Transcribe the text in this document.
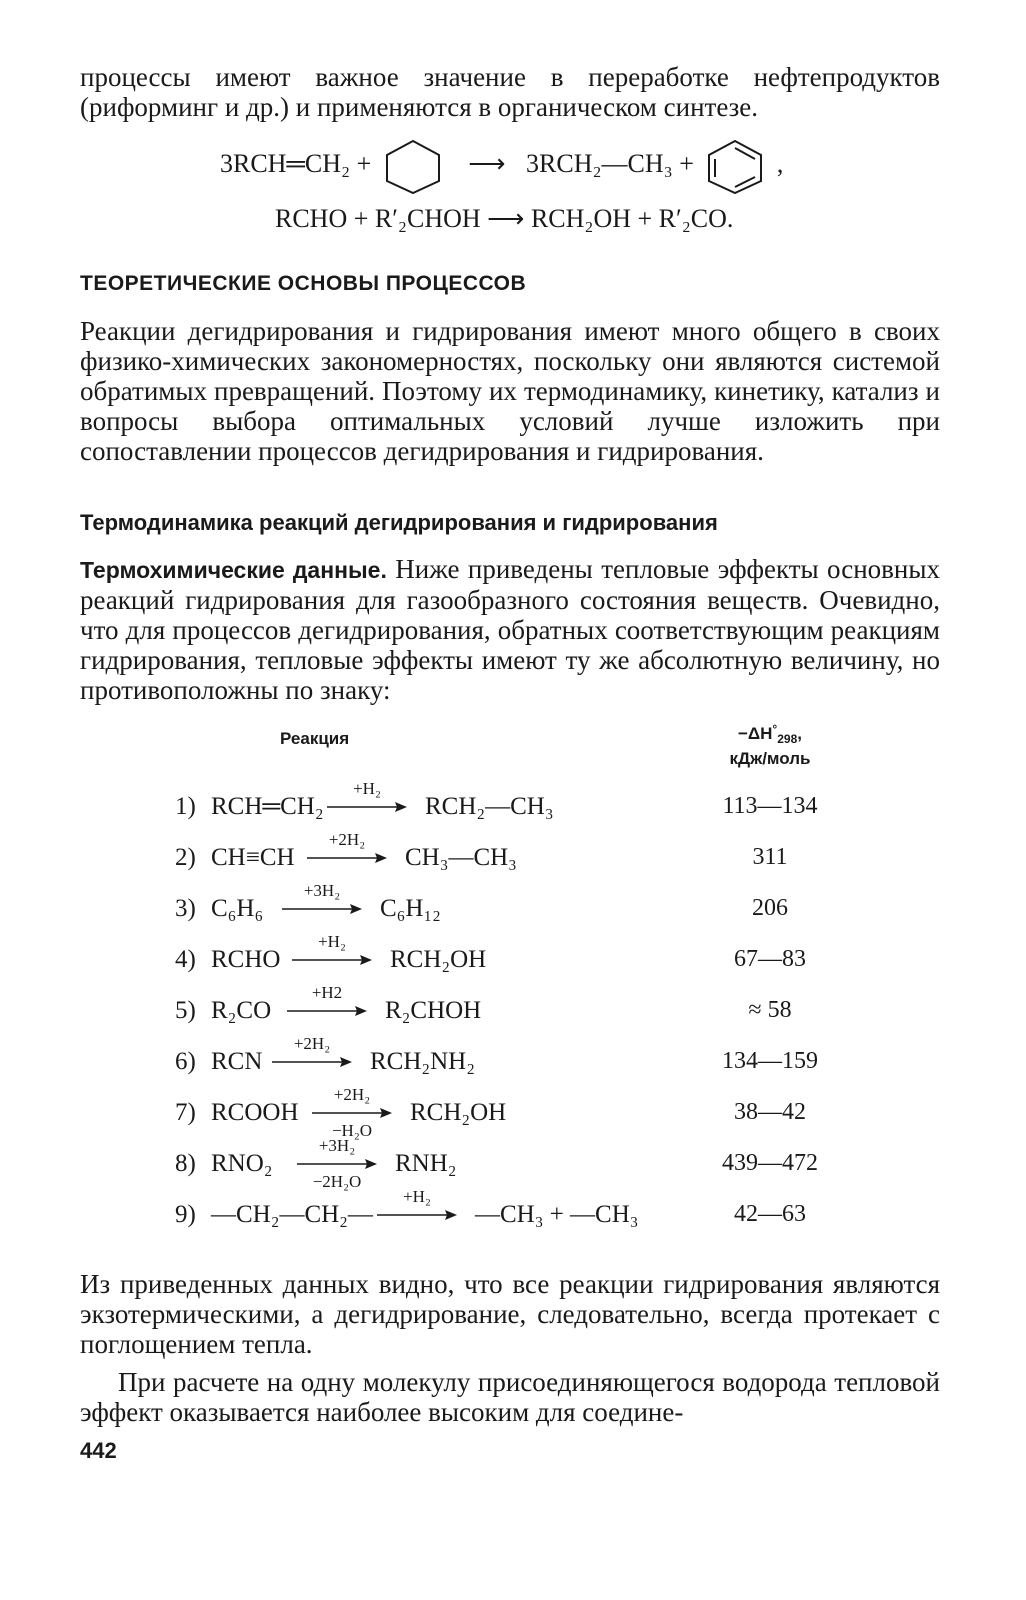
процессы имеют важное значение в переработке нефтепродуктов (риформинг и др.) и применяются в органическом синтезе.

3RCH═CH₂ +	⟶ 3RCH₂—CH₃ +	,
RCHO + R′₂CHOH ⟶ RCH₂OH + R′₂CO.
ТЕОРЕТИЧЕСКИЕ ОСНОВЫ ПРОЦЕССОВ

Реакции дегидрирования и гидрирования имеют много общего в своих физико-химических закономерностях, поскольку они являются системой обратимых превращений. Поэтому их термодинамику, кинетику, катализ и вопросы выбора оптимальных условий лучше изложить при сопоставлении процессов дегидрирования и гидрирования.

Термодинамика реакций дегидрирования и гидрирования

Термохимические данные. Ниже приведены тепловые эффекты основных реакций гидрирования для газообразного состояния веществ. Очевидно, что для процессов дегидрирования, обратных соответствующим реакциям гидрирования, тепловые эффекты имеют ту же абсолютную величину, но противоположны по знаку:

Реакция	$-\Delta H^\circ_{298}$,
кДж/моль
1) RCH═CH₂
+H₂
RCH₂—CH₃	113—134
2) CH≡CH
+2H₂
CH₃—CH₃	311
3) C₆H₆
+3H₂
C₆H₁₂	206
4) RCHO
+H₂
RCH₂OH	67—83
5) R₂CO
+H2
R₂CHOH	≈ 58
6) RCN
+2H₂
RCH₂NH₂	134—159
7) RCOOH
+2H₂
−H₂O
RCH₂OH	38—42
8) RNO₂
+3H₂
−2H₂O
RNH₂	439—472
9) —CH₂—CH₂—
+H₂
—CH₃ + —CH₃	42—63

Из приведенных данных видно, что все реакции гидрирования являются экзотермическими, а дегидрирование, следовательно, всегда протекает с поглощением тепла.

При расчете на одну молекулу присоединяющегося водорода тепловой эффект оказывается наиболее высоким для соедине-

442
